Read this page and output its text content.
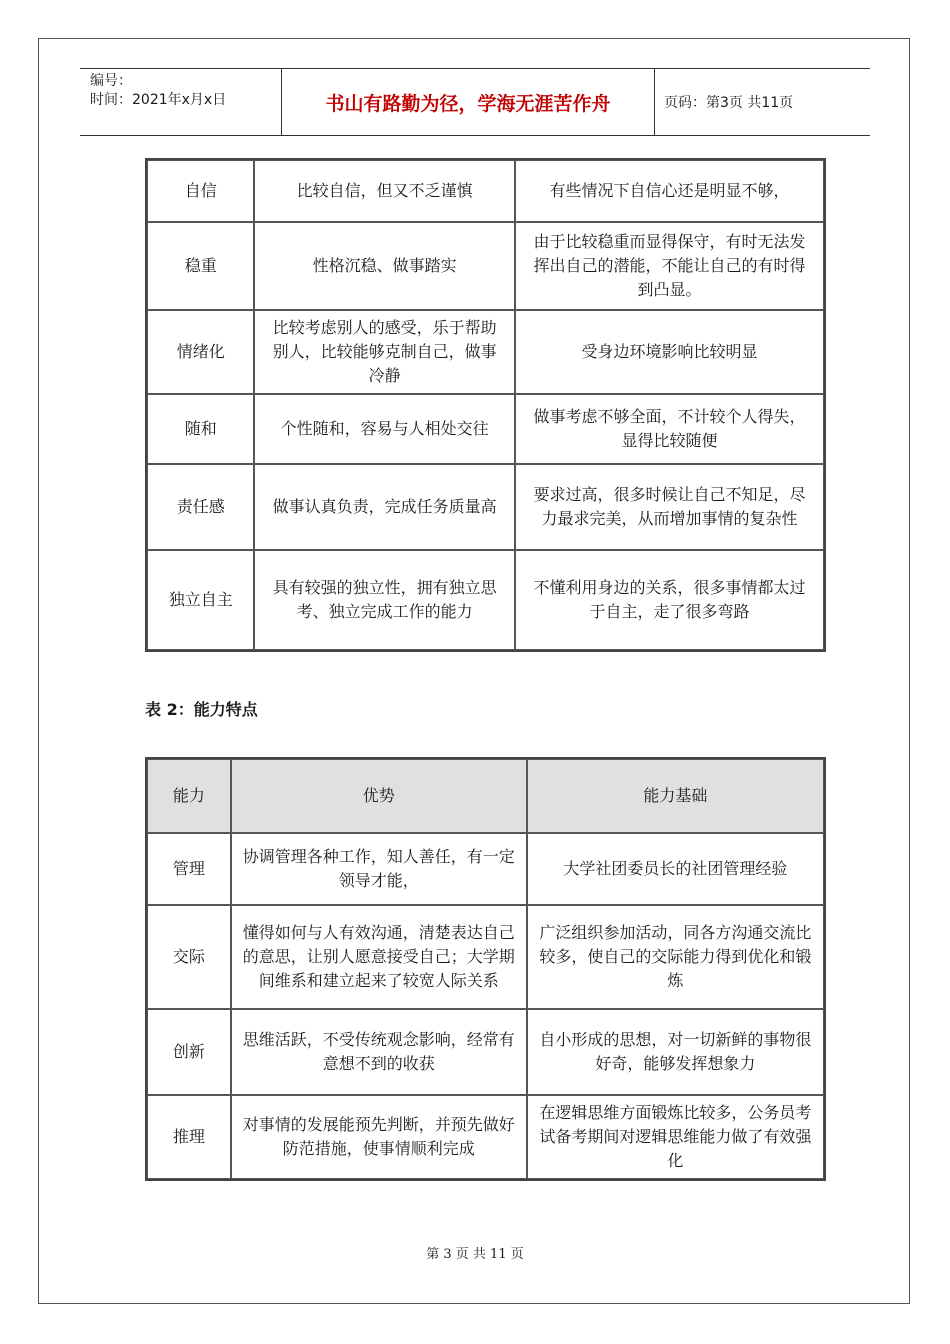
编号：
时间：2021年x月x日	书山有路勤为径，学海无涯苦作舟	页码：第3页 共11页
自信	比较自信，但又不乏谨慎	有些情况下自信心还是明显不够，
稳重	性格沉稳、做事踏实	由于比较稳重而显得保守，有时无法发挥出自己的潜能，不能让自己的有时得到凸显。
情绪化	比较考虑别人的感受，乐于帮助别人，比较能够克制自己，做事冷静	受身边环境影响比较明显
随和	个性随和，容易与人相处交往	做事考虑不够全面，不计较个人得失，显得比较随便
责任感	做事认真负责，完成任务质量高	要求过高，很多时候让自己不知足，尽力最求完美，从而增加事情的复杂性
独立自主	具有较强的独立性，拥有独立思考、独立完成工作的能力	不懂利用身边的关系，很多事情都太过于自主，走了很多弯路
表 2：能力特点
能力	优势	能力基础
管理	协调管理各种工作，知人善任，有一定领导才能，	大学社团委员长的社团管理经验
交际	懂得如何与人有效沟通，清楚表达自己的意思，让别人愿意接受自己；大学期间维系和建立起来了较宽人际关系	广泛组织参加活动，同各方沟通交流比较多，使自己的交际能力得到优化和锻炼
创新	思维活跃，不受传统观念影响，经常有意想不到的收获	自小形成的思想，对一切新鲜的事物很好奇，能够发挥想象力
推理	对事情的发展能预先判断，并预先做好防范措施，使事情顺利完成	在逻辑思维方面锻炼比较多，公务员考试备考期间对逻辑思维能力做了有效强化
第 3 页 共 11 页
